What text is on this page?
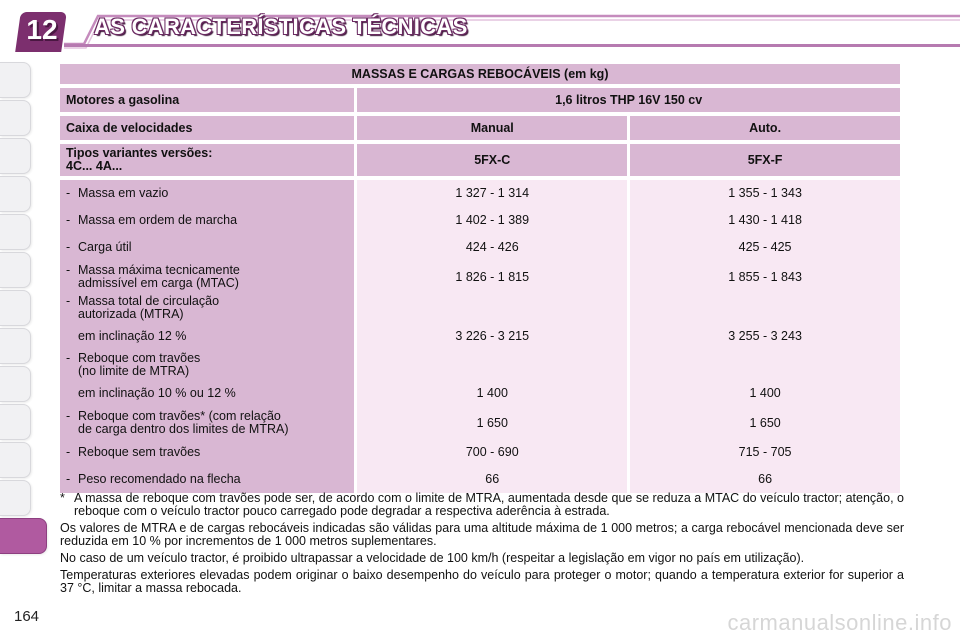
12 AS CARACTERÍSTICAS TÉCNICAS
MASSAS E CARGAS REBOCÁVEIS (em kg)		

Motores a gasolina	1,6 litros THP 16V 150 cv	

Caixa de velocidades	Manual	Auto.

Tipos variantes versões:
4C... 4A...	5FX-C	5FX-F

- Massa em vazio	1 327 - 1 314	1 355 - 1 343

- Massa em ordem de marcha	1 402 - 1 389	1 430 - 1 418

- Carga útil	424 - 426	425 - 425

- Massa máxima tecnicamente
admissível em carga (MTAC)	1 826 - 1 815	1 855 - 1 843

- Massa total de circulação
autorizada (MTRA)		

em inclinação 12 %	3 226 - 3 215	3 255 - 3 243

- Reboque com travões
(no limite de MTRA)		

em inclinação 10 % ou 12 %	1 400	1 400

- Reboque com travões* (com relação
de carga dentro dos limites de MTRA)	1 650	1 650

- Reboque sem travões	700 - 690	715 - 705

- Peso recomendado na flecha	66	66

* A massa de reboque com travões pode ser, de acordo com o limite de MTRA, aumentada desde que se reduza a MTAC do veículo tractor; atenção, o reboque com o veículo tractor pouco carregado pode degradar a respectiva aderência à estrada.

Os valores de MTRA e de cargas rebocáveis indicadas são válidas para uma altitude máxima de 1 000 metros; a carga rebocável mencionada deve ser reduzida em 10 % por incrementos de 1 000 metros suplementares.

No caso de um veículo tractor, é proibido ultrapassar a velocidade de 100 km/h (respeitar a legislação em vigor no país em utilização).

Temperaturas exteriores elevadas podem originar o baixo desempenho do veículo para proteger o motor; quando a temperatura exterior for superior a 37 °C, limitar a massa rebocada.

164	carmanualsonline.info
